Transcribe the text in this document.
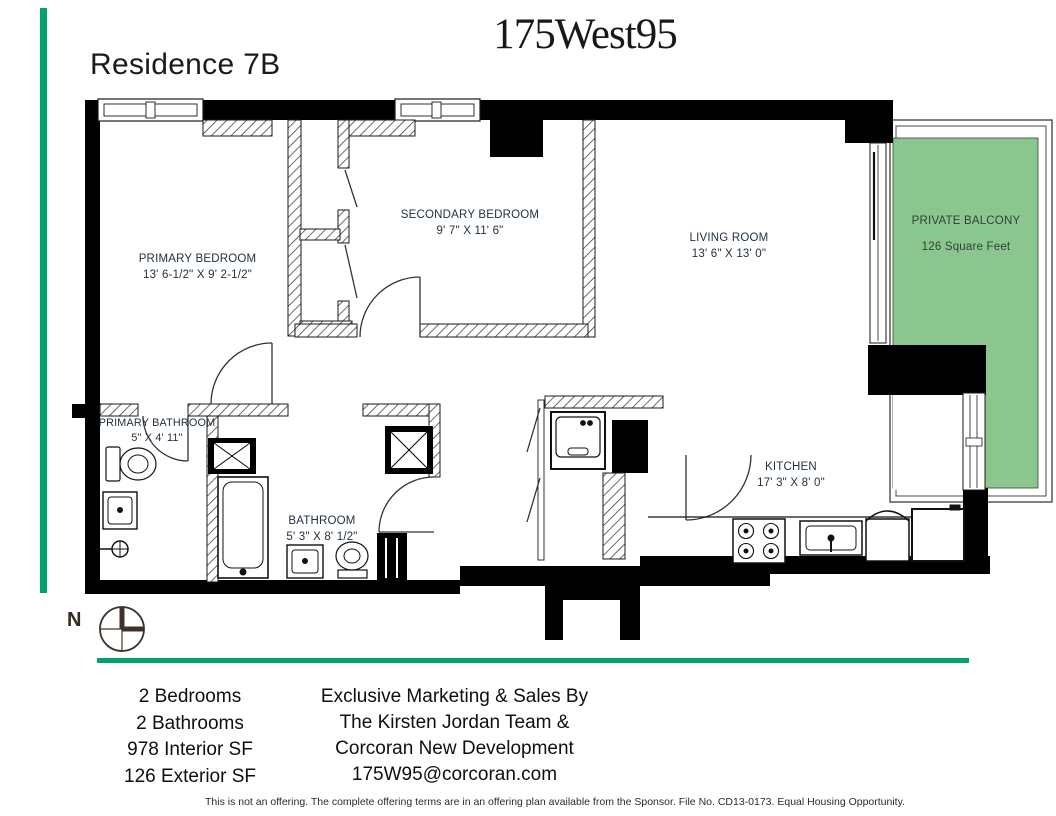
Residence 7B
175West95
PRIMARY BEDROOM
13' 6-1/2" X 9' 2-1/2"
SECONDARY BEDROOM
9' 7" X 11' 6"
LIVING ROOM
13' 6" X 13' 0"
PRIVATE BALCONY
126 Square Feet
PRIMARY BATHROOM
5" X 4' 11"
BATHROOM
5' 3" X 8' 1/2"
KITCHEN
17' 3" X 8' 0"
N
2 Bedrooms
2 Bathrooms
978 Interior SF
126 Exterior SF
Exclusive Marketing & Sales By
The Kirsten Jordan Team &
Corcoran New Development
175W95@corcoran.com
This is not an offering. The complete offering terms are in an offering plan available from the Sponsor. File No. CD13-0173. Equal Housing Opportunity.
